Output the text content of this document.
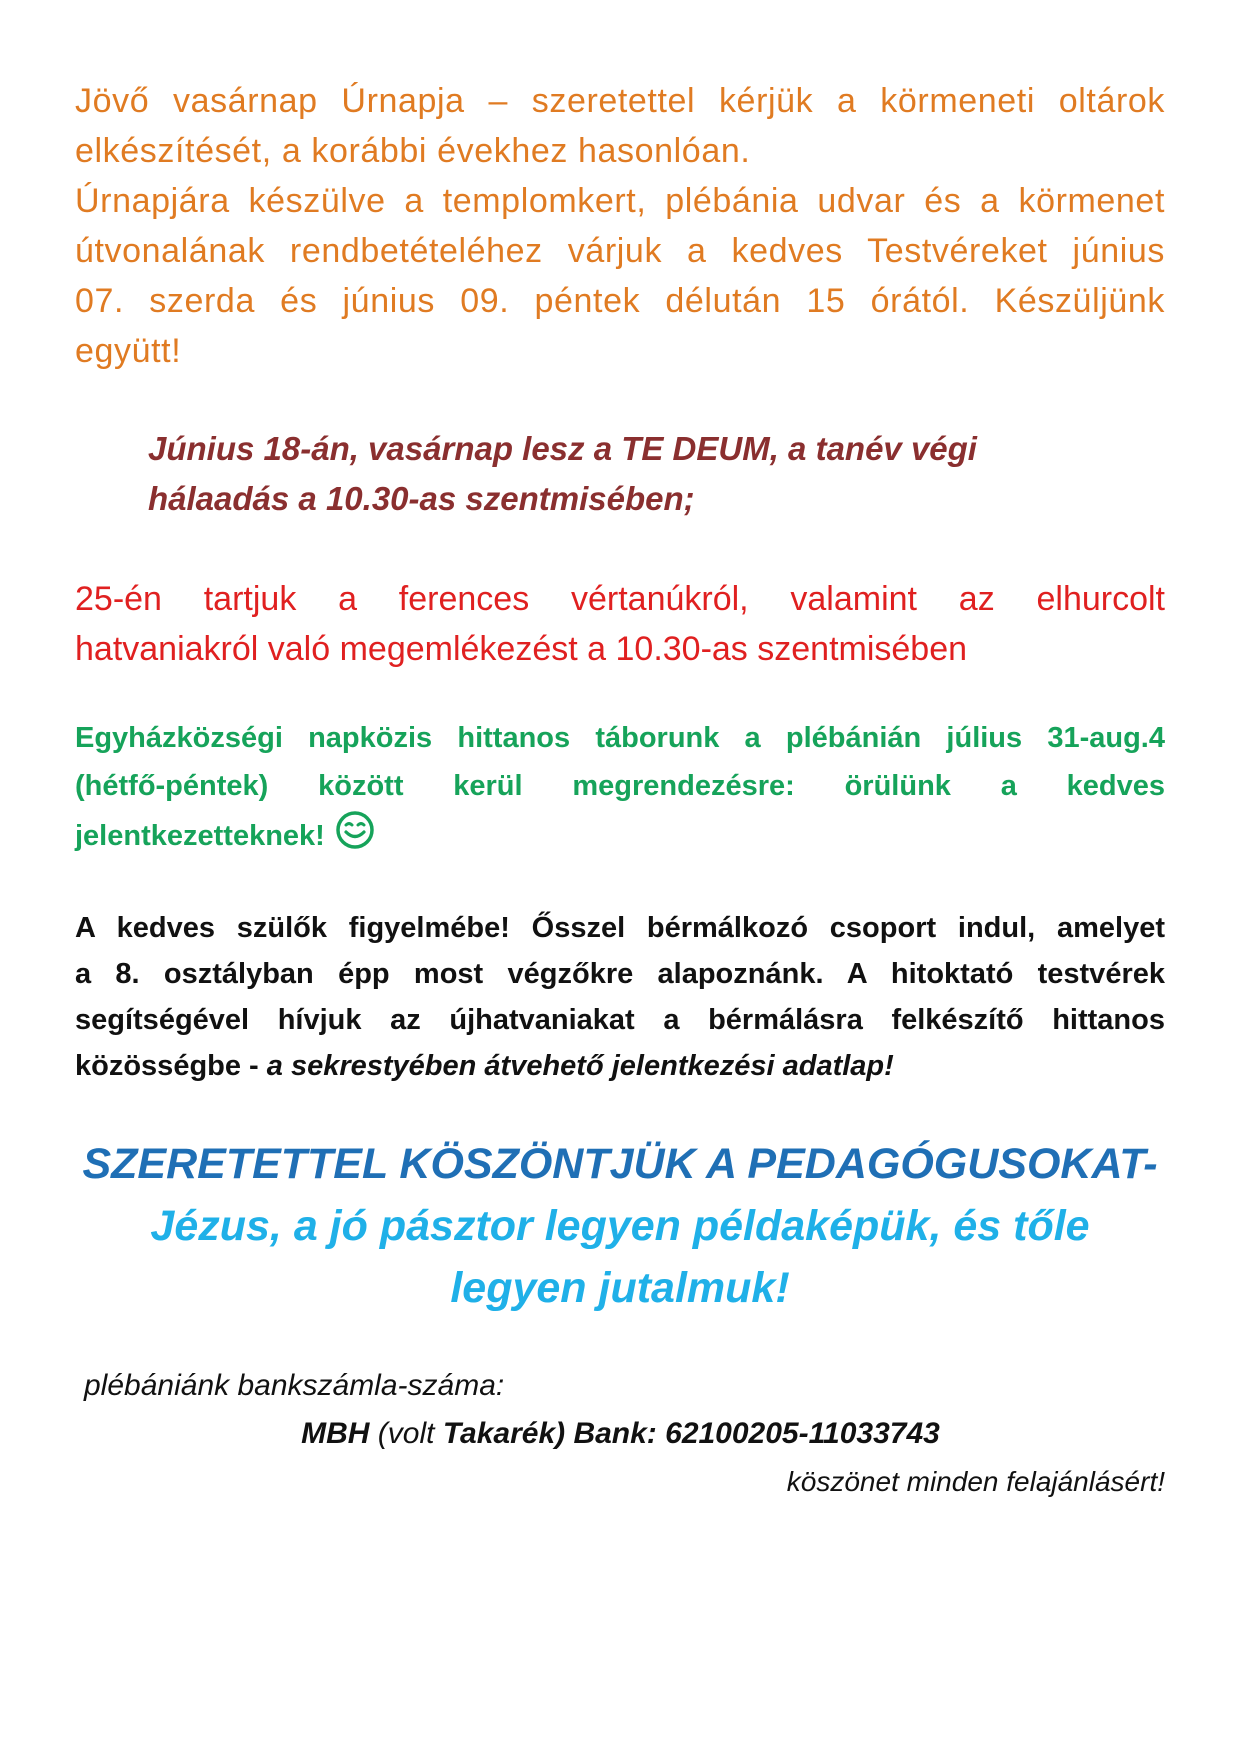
Jövő vasárnap Úrnapja – szeretettel kérjük a körmeneti oltárok
elkészítését, a korábbi évekhez hasonlóan.
Úrnapjára készülve a templomkert, plébánia udvar és a körmenet
útvonalának rendbetételéhez várjuk a kedves Testvéreket június
07. szerda és június 09. péntek délután 15 órától. Készüljünk
együtt!
Június 18-án, vasárnap lesz a TE DEUM, a tanév végi
hálaadás a 10.30-as szentmisében;
25-én tartjuk a ferences vértanúkról, valamint az elhurcolt
hatvaniakról való megemlékezést a 10.30-as szentmisében
Egyházközségi napközis hittanos táborunk a plébánián július 31-aug.4
(hétfő-péntek) között kerül megrendezésre: örülünk a kedves
jelentkezetteknek!
A kedves szülők figyelmébe! Ősszel bérmálkozó csoport indul, amelyet
a 8. osztályban épp most végzőkre alapoznánk. A hitoktató testvérek
segítségével hívjuk az újhatvaniakat a bérmálásra felkészítő hittanos
közösségbe - a sekrestyében átvehető jelentkezési adatlap!
SZERETETTEL KÖSZÖNTJÜK A PEDAGÓGUSOKAT-
Jézus, a jó pásztor legyen példaképük, és tőle
legyen jutalmuk!
plébániánk bankszámla-száma:
MBH (volt Takarék) Bank: 62100205-11033743
köszönet minden felajánlásért!
